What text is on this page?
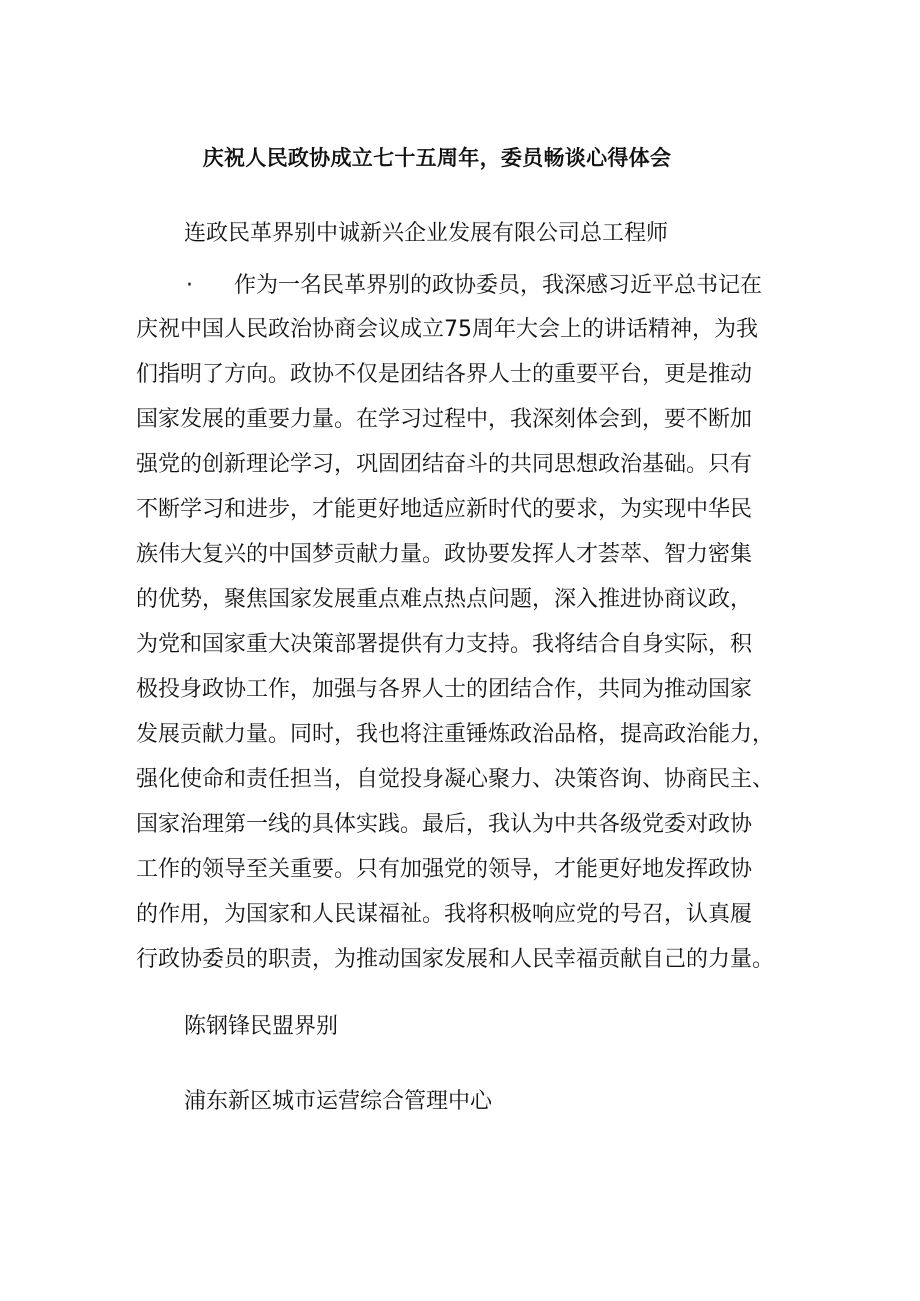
庆祝人民政协成立七十五周年，委员畅谈心得体会

连政民革界别中诚新兴企业发展有限公司总工程师

· 作为一名民革界别的政协委员，我深感习近平总书记在

庆祝中国人民政治协商会议成立75周年大会上的讲话精神，为我

们指明了方向。政协不仅是团结各界人士的重要平台，更是推动

国家发展的重要力量。在学习过程中，我深刻体会到，要不断加

强党的创新理论学习，巩固团结奋斗的共同思想政治基础。只有

不断学习和进步，才能更好地适应新时代的要求，为实现中华民

族伟大复兴的中国梦贡献力量。政协要发挥人才荟萃、智力密集

的优势，聚焦国家发展重点难点热点问题，深入推进协商议政，

为党和国家重大决策部署提供有力支持。我将结合自身实际，积

极投身政协工作，加强与各界人士的团结合作，共同为推动国家

发展贡献力量。同时，我也将注重锤炼政治品格，提高政治能力，

强化使命和责任担当，自觉投身凝心聚力、决策咨询、协商民主、

国家治理第一线的具体实践。最后，我认为中共各级党委对政协

工作的领导至关重要。只有加强党的领导，才能更好地发挥政协

的作用，为国家和人民谋福祉。我将积极响应党的号召，认真履

行政协委员的职责，为推动国家发展和人民幸福贡献自己的力量。

陈钢锋民盟界别

浦东新区城市运营综合管理中心
